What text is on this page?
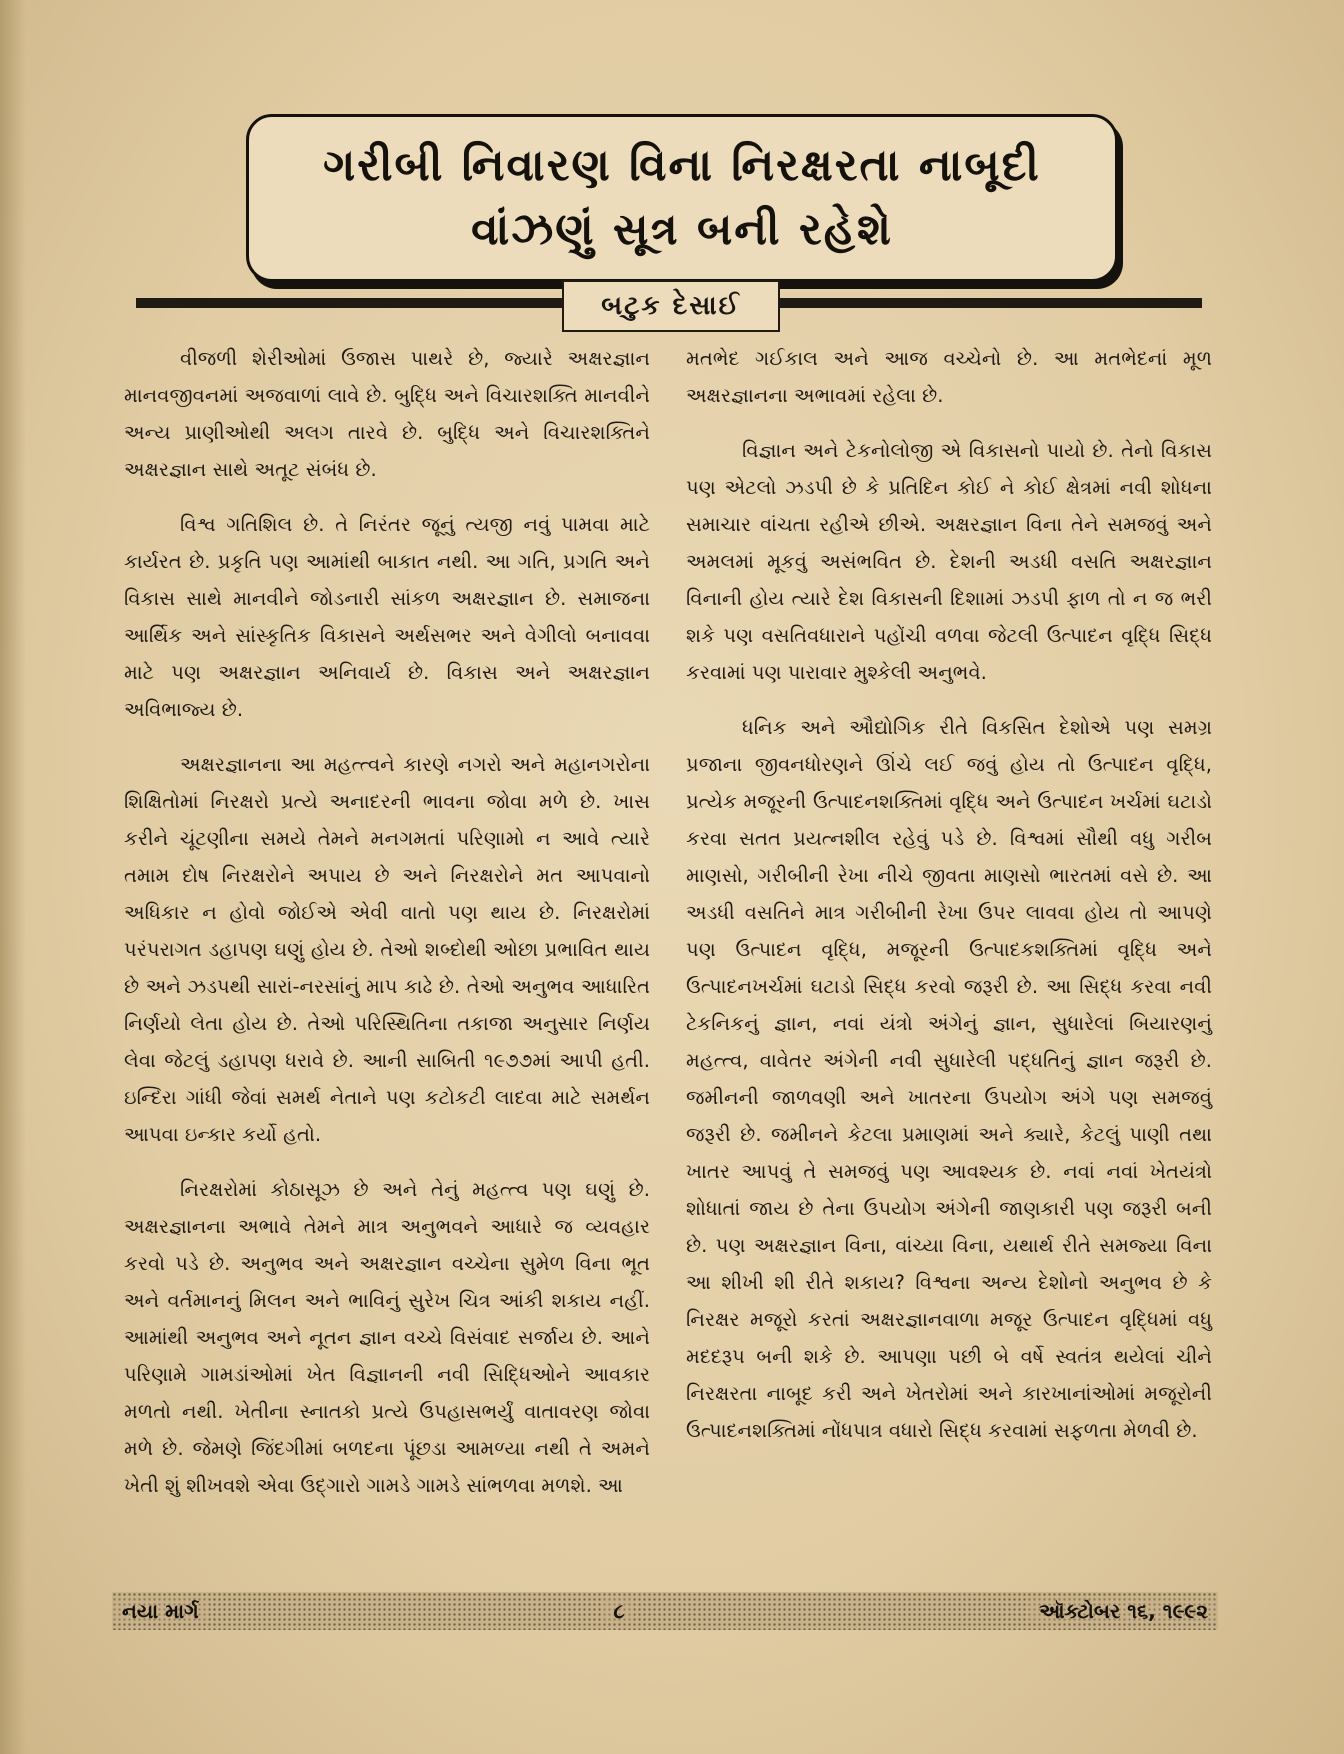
ગરીબી નિવારણ વિના નિરક્ષરતા નાબૂદી
વાંઝણું સૂત્ર બની રહેશે
બટુક દેસાઈ

વીજળી શેરીઓમાં ઉજાસ પાથરે છે, જ્યારે અક્ષરજ્ઞાન માનવજીવનમાં અજવાળાં લાવે છે. બુદ્ધિ અને વિચારશક્તિ માનવીને અન્ય પ્રાણીઓથી અલગ તારવે છે. બુદ્ધિ અને વિચારશક્તિને અક્ષરજ્ઞાન સાથે અતૂટ સંબંધ છે.

વિશ્વ ગતિશિલ છે. તે નિરંતર જૂનું ત્યજી નવું પામવા માટે કાર્યરત છે. પ્રકૃતિ પણ આમાંથી બાકાત નથી. આ ગતિ, પ્રગતિ અને વિકાસ સાથે માનવીને જોડનારી સાંકળ અક્ષરજ્ઞાન છે. સમાજના આર્થિક અને સાંસ્કૃતિક વિકાસને અર્થસભર અને વેગીલો બનાવવા માટે પણ અક્ષરજ્ઞાન અનિવાર્ય છે. વિકાસ અને અક્ષરજ્ઞાન અવિભાજ્ય છે.

અક્ષરજ્ઞાનના આ મહત્ત્વને કારણે નગરો અને મહાનગરોના શિક્ષિતોમાં નિરક્ષરો પ્રત્યે અનાદરની ભાવના જોવા મળે છે. ખાસ કરીને ચૂંટણીના સમયે તેમને મનગમતાં પરિણામો ન આવે ત્યારે તમામ દોષ નિરક્ષરોને અપાય છે અને નિરક્ષરોને મત આપવાનો અધિકાર ન હોવો જોઈએ એવી વાતો પણ થાય છે. નિરક્ષરોમાં પરંપરાગત ડહાપણ ઘણું હોય છે. તેઓ શબ્દોથી ઓછા પ્રભાવિત થાય છે અને ઝડપથી સારાં-નરસાંનું માપ કાઢે છે. તેઓ અનુભવ આધારિત નિર્ણયો લેતા હોય છે. તેઓ પરિસ્થિતિના તકાજા અનુસાર નિર્ણય લેવા જેટલું ડહાપણ ધરાવે છે. આની સાબિતી ૧૯૭૭માં આપી હતી. ઇન્દિરા ગાંધી જેવાં સમર્થ નેતાને પણ કટોકટી લાદવા માટે સમર્થન આપવા ઇન્કાર કર્યો હતો.

નિરક્ષરોમાં કોઠાસૂઝ છે અને તેનું મહત્ત્વ પણ ઘણું છે. અક્ષરજ્ઞાનના અભાવે તેમને માત્ર અનુભવને આધારે જ વ્યવહાર કરવો પડે છે. અનુભવ અને અક્ષરજ્ઞાન વચ્ચેના સુમેળ વિના ભૂત અને વર્તમાનનું મિલન અને ભાવિનું સુરેખ ચિત્ર આંકી શકાય નહીં. આમાંથી અનુભવ અને નૂતન જ્ઞાન વચ્ચે વિસંવાદ સર્જાય છે. આને પરિણામે ગામડાંઓમાં ખેત વિજ્ઞાનની નવી સિદ્ધિઓને આવકાર મળતો નથી. ખેતીના સ્નાતકો પ્રત્યે ઉપહાસભર્યું વાતાવરણ જોવા મળે છે. જેમણે જિંદગીમાં બળદના પૂંછડા આમળ્યા નથી તે અમને ખેતી શું શીખવશે એવા ઉદ્ગારો ગામડે ગામડે સાંભળવા મળશે. આ

મતભેદ ગઈકાલ અને આજ વચ્ચેનો છે. આ મતભેદનાં મૂળ અક્ષરજ્ઞાનના અભાવમાં રહેલા છે.

વિજ્ઞાન અને ટેકનોલોજી એ વિકાસનો પાયો છે. તેનો વિકાસ પણ એટલો ઝડપી છે કે પ્રતિદિન કોઈ ને કોઈ ક્ષેત્રમાં નવી શોધના સમાચાર વાંચતા રહીએ છીએ. અક્ષરજ્ઞાન વિના તેને સમજવું અને અમલમાં મૂકવું અસંભવિત છે. દેશની અડધી વસતિ અક્ષરજ્ઞાન વિનાની હોય ત્યારે દેશ વિકાસની દિશામાં ઝડપી ફાળ તો ન જ ભરી શકે પણ વસતિવધારાને પહોંચી વળવા જેટલી ઉત્પાદન વૃદ્ધિ સિદ્ધ કરવામાં પણ પારાવાર મુશ્કેલી અનુભવે.

ધનિક અને ઔદ્યોગિક રીતે વિકસિત દેશોએ પણ સમગ્ર પ્રજાના જીવનધોરણને ઊંચે લઈ જવું હોય તો ઉત્પાદન વૃદ્ધિ, પ્રત્યેક મજૂરની ઉત્પાદનશક્તિમાં વૃદ્ધિ અને ઉત્પાદન ખર્ચમાં ઘટાડો કરવા સતત પ્રયત્નશીલ રહેવું પડે છે. વિશ્વમાં સૌથી વધુ ગરીબ માણસો, ગરીબીની રેખા નીચે જીવતા માણસો ભારતમાં વસે છે. આ અડધી વસતિને માત્ર ગરીબીની રેખા ઉપર લાવવા હોય તો આપણે પણ ઉત્પાદન વૃદ્ધિ, મજૂરની ઉત્પાદકશક્તિમાં વૃદ્ધિ અને ઉત્પાદનખર્ચમાં ઘટાડો સિદ્ધ કરવો જરૂરી છે. આ સિદ્ધ કરવા નવી ટેકનિકનું જ્ઞાન, નવાં યંત્રો અંગેનું જ્ઞાન, સુધારેલાં બિયારણનું મહત્ત્વ, વાવેતર અંગેની નવી સુધારેલી પદ્ધતિનું જ્ઞાન જરૂરી છે. જમીનની જાળવણી અને ખાતરના ઉપયોગ અંગે પણ સમજવું જરૂરી છે. જમીનને કેટલા પ્રમાણમાં અને ક્યારે, કેટલું પાણી તથા ખાતર આપવું તે સમજવું પણ આવશ્યક છે. નવાં નવાં ખેતયંત્રો શોધાતાં જાય છે તેના ઉપયોગ અંગેની જાણકારી પણ જરૂરી બની છે. પણ અક્ષરજ્ઞાન વિના, વાંચ્યા વિના, યથાર્થ રીતે સમજ્યા વિના આ શીખી શી રીતે શકાય? વિશ્વના અન્ય દેશોનો અનુભવ છે કે નિરક્ષર મજૂરો કરતાં અક્ષરજ્ઞાનવાળા મજૂર ઉત્પાદન વૃદ્ધિમાં વધુ મદદરૂપ બની શકે છે. આપણા પછી બે વર્ષે સ્વતંત્ર થયેલાં ચીને નિરક્ષરતા નાબૂદ કરી અને ખેતરોમાં અને કારખાનાંઓમાં મજૂરોની ઉત્પાદનશક્તિમાં નોંધપાત્ર વધારો સિદ્ધ કરવામાં સફળતા મેળવી છે.

નયા માર્ગ	૮	ઑક્ટોબર ૧૬, ૧૯૯૨
